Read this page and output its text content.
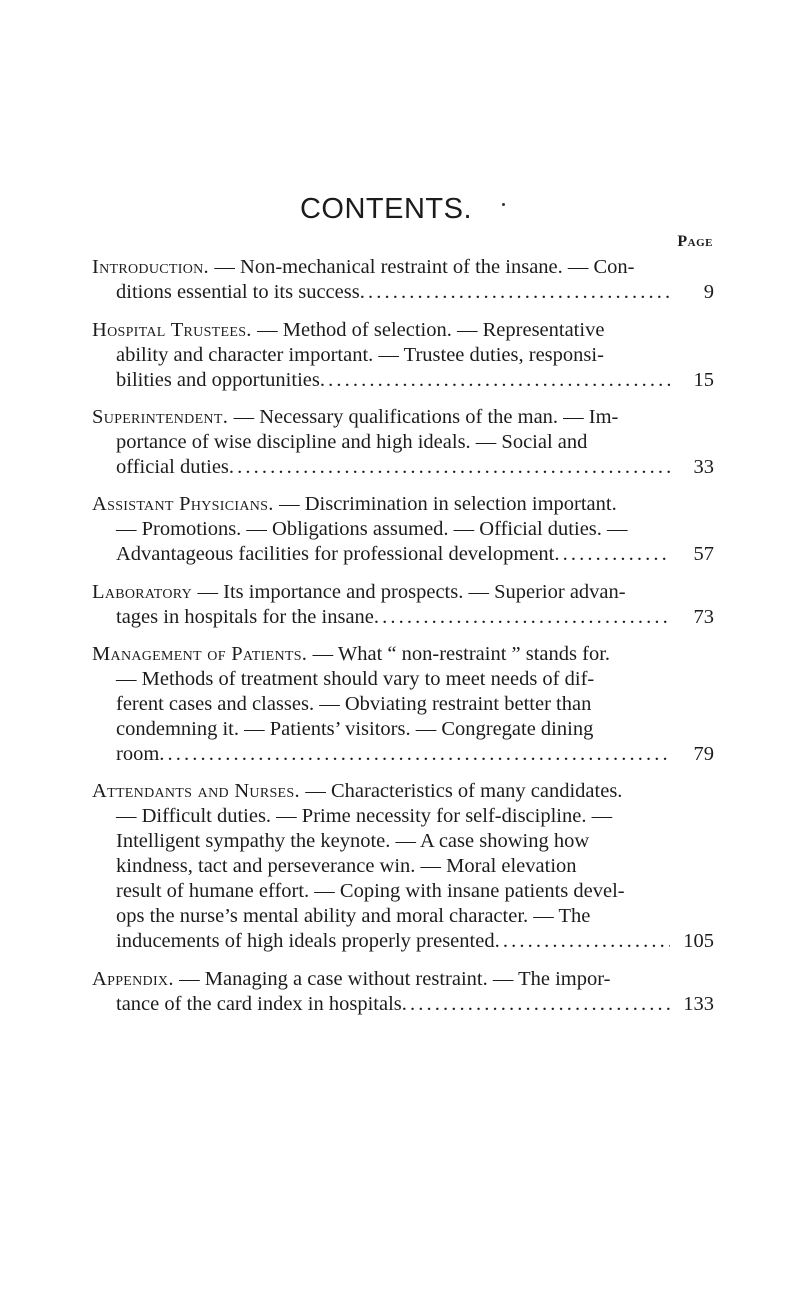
CONTENTS.
Page
Introduction. — Non-mechanical restraint of the insane. — Con-
ditions essential to its success . . .	9
Hospital Trustees. — Method of selection. — Representative
ability and character important. — Trustee duties, responsi-
bilities and opportunities . . .	15
Superintendent. — Necessary qualifications of the man. — Im-
portance of wise discipline and high ideals. — Social and
official duties . . .	33
Assistant Physicians. — Discrimination in selection important.
— Promotions. — Obligations assumed. — Official duties. —
Advantageous facilities for professional development . . .	57
Laboratory — Its importance and prospects. — Superior advan-
tages in hospitals for the insane . . .	73
Management of Patients. — What “ non-restraint ” stands for.
— Methods of treatment should vary to meet needs of dif-
ferent cases and classes. — Obviating restraint better than
condemning it. — Patients’ visitors. — Congregate dining
room . . .	79
Attendants and Nurses. — Characteristics of many candidates.
— Difficult duties. — Prime necessity for self-discipline. —
Intelligent sympathy the keynote. — A case showing how
kindness, tact and perseverance win. — Moral elevation
result of humane effort. — Coping with insane patients devel-
ops the nurse’s mental ability and moral character. — The
inducements of high ideals properly presented . . .	105
Appendix. — Managing a case without restraint. — The impor-
tance of the card index in hospitals . . .	133
